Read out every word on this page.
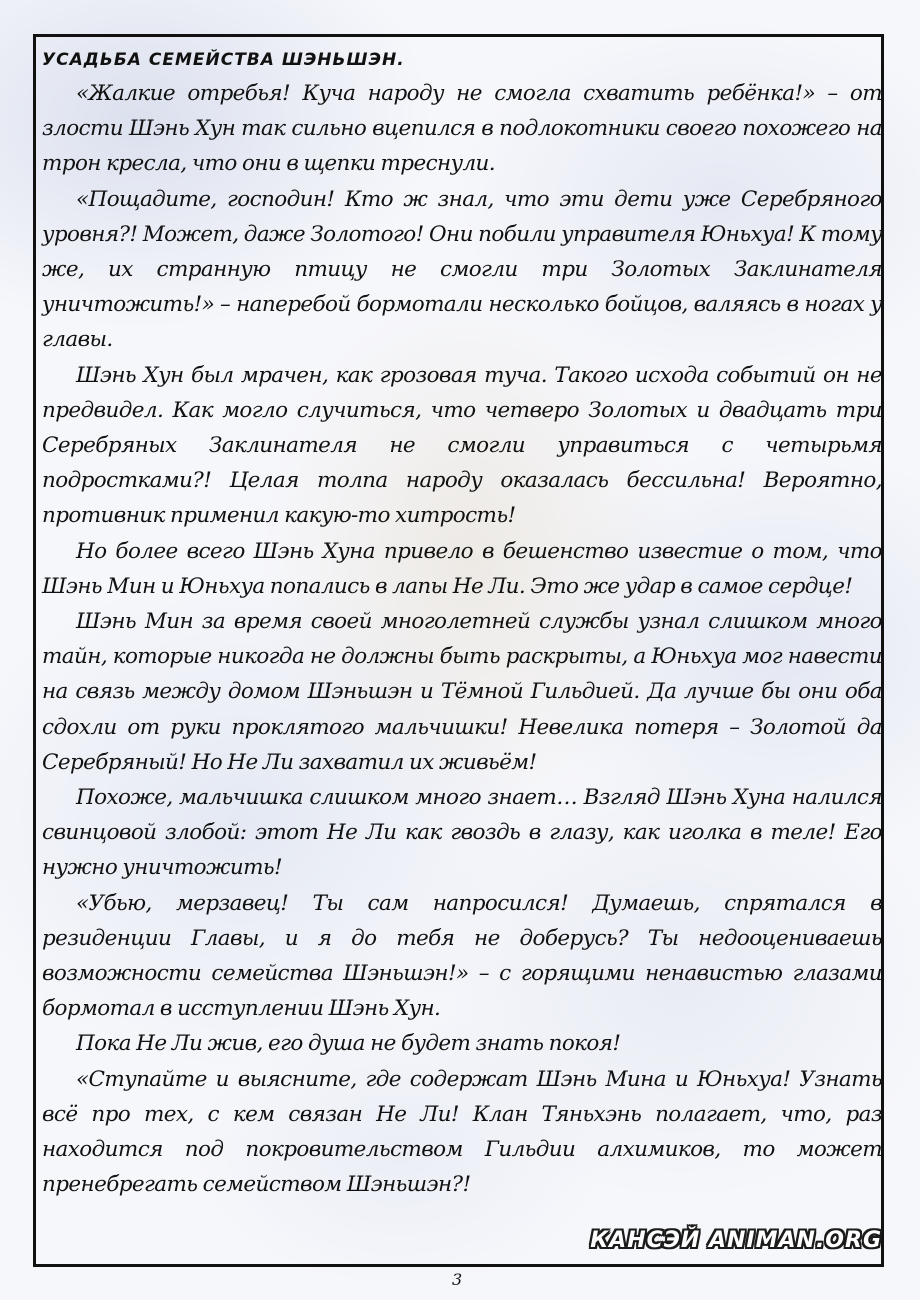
УСАДЬБА СЕМЕЙСТВА ШЭНЬШЭН.

«Жалкие отребья! Куча народу не смогла схватить ребёнка!» – от злости Шэнь Хун так сильно вцепился в подлокотники своего похожего на трон кресла, что они в щепки треснули.

«Пощадите, господин! Кто ж знал, что эти дети уже Серебряного уровня?! Может, даже Золотого! Они побили управителя Юньхуа! К тому же, их странную птицу не смогли три Золотых Заклинателя уничтожить!» – наперебой бормотали несколько бойцов, валяясь в ногах у главы.

Шэнь Хун был мрачен, как грозовая туча. Такого исхода событий он не предвидел. Как могло случиться, что четверо Золотых и двадцать три Серебряных Заклинателя не смогли управиться с четырьмя подростками?! Целая толпа народу оказалась бессильна! Вероятно, противник применил какую-то хитрость!

Но более всего Шэнь Хуна привело в бешенство известие о том, что Шэнь Мин и Юньхуа попались в лапы Не Ли. Это же удар в самое сердце!

Шэнь Мин за время своей многолетней службы узнал слишком много тайн, которые никогда не должны быть раскрыты, а Юньхуа мог навести на связь между домом Шэньшэн и Тёмной Гильдией. Да лучше бы они оба сдохли от руки проклятого мальчишки! Невелика потеря – Золотой да Серебряный! Но Не Ли захватил их живьём!

Похоже, мальчишка слишком много знает… Взгляд Шэнь Хуна налился свинцовой злобой: этот Не Ли как гвоздь в глазу, как иголка в теле! Его нужно уничтожить!

«Убью, мерзавец! Ты сам напросился! Думаешь, спрятался в резиденции Главы, и я до тебя не доберусь? Ты недооцениваешь возможности семейства Шэньшэн!» – с горящими ненавистью глазами бормотал в исступлении Шэнь Хун.

Пока Не Ли жив, его душа не будет знать покоя!

«Ступайте и выясните, где содержат Шэнь Мина и Юньхуа! Узнать всё про тех, с кем связан Не Ли! Клан Тяньхэнь полагает, что, раз находится под покровительством Гильдии алхимиков, то может пренебрегать семейством Шэньшэн?!

КАНСЭЙ ANIMAN.ORG
3
